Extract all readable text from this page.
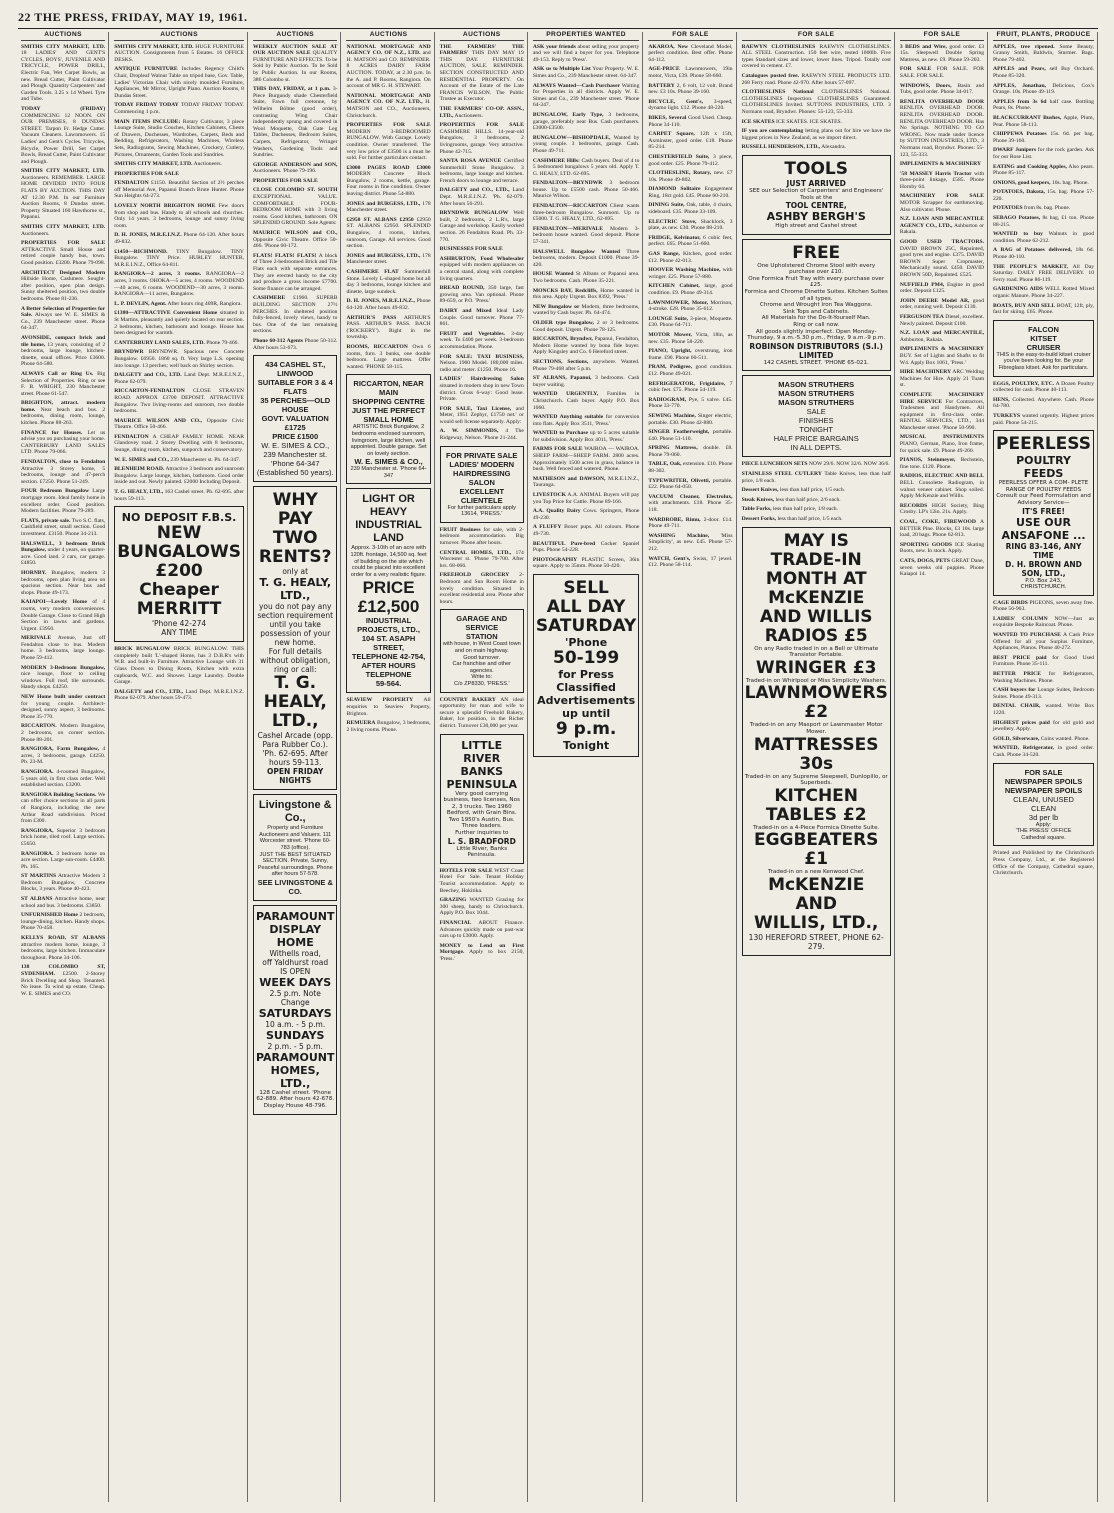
22 THE PRESS, FRIDAY, MAY 19, 1961.
AUCTIONS
SMITHS CITY MARKET, LTD. 18 LADIES' AND GENT'S CYCLES, BOYS', JUVENILE AND TRICYCLE, POWER DRILL, Electric Fan, Wet Carpet Bowls, as new. Bread Cutter, Paint Cultivator and Plough. Quantity Carpenters' and Garden Tools. 3.25 x 14 Wheel. Tyre and Tube.
TODAY (FRIDAY) COMMENCING 12 NOON. ON OUR PREMISES, 8 DUNDAS STREET. Tarpon Fr. Hedge Cutter. Vacuum Cleaners. Lawnmowers. 15 Ladies' and Gent's Cycles. Tricycles, Bicycle, Power Drill, Set Carpet Bowls, Bread Cutter, Paint Cultivator and Plough.
SMITHS CITY MARKET, LTD. Auctioneers. REMEMBER. LARGE HOME DIVIDED INTO FOUR FLATS BY AUCTION. THIS DAY AT 12.30 P.M. In our Furniture Auction Rooms, 8 Dundas street. Property Situated 160 Hawthorne st., Papanui.
SMITHS CITY MARKET, LTD. Auctioneers.
PROPERTIES FOR SALE ATTRACTIVE Small House and retired couple handy bus, town. Good position. £3200. Phone 79-098.
ARCHITECT Designed Modern Hillside Home, Cashmere. Sought-after position, open plan design. Sunny sheltered position, two double bedrooms. Phone 81-236.
A Better Selection of Properties for Sale. Always see W. E. SIMES & Co., 239 Manchester street. Phone 64-347.
AVONSIDE, compact brick and tile home, 13 years, consisting of 2 bedrooms, large lounge, kitchen-dinette, usual offices. Price £3600. Phone 64-580.
ALWAYS Call or Ring Us. Big Selection of Properties. Ring or see F. B. WRIGHT, 230 Manchester street. Phone 61-547.
BRIGHTON, attract. modern home. Near beach and bus. 2 bedrooms, dining room, lounge, kitchen. Phone 88-263.
FINANCE for Houses. Let us advise you on purchasing your home. CANTERBURY LAND SALES LTD. Phone 79-066.
FENDALTON, close to Fendalton Attractive 3 Storey home, 5 bedrooms, lounge and 47-perch section. £7250. Phone 51-249.
FOUR Bedroom Bungalow Large mortgage room. Ideal family home in excellent order. Good position. Modern facilities. Phone 79-289.
FLATS, private sale. Two S.C. flats, Cashfield street, small section. Good investment. £3150. Phone 34-213.
HALSWELL, 3 bedroom Brick Bungalow, under 4 years, on quarter-acre. Good land. 2 cars, car garage. £4850.
HORNBY. Bungalow, modern 3 bedrooms, open plan living area on spacious section. Near bus and shops. Phone 49-173.
KAIAPOI—Lovely Home of 4 rooms, very modern conveniences. Double Garage. Close to Grand High Section in lawns and gardens. Urgent. £3950.
MERIVALE Avenue, Just off Fendalton close to bus. Modern home. 3 bedrooms, large lounge. Phone 59-412.
MODERN 3-Bedroom Bungalow, nice lounge, floor to ceiling windows. Full roof, tile surrounds. Handy shops. £4250.
NEW Home built under contract for young couple. Architect-designed, sunny aspect, 3 bedrooms. Phone 35-770.
RICCARTON. Modern Bungalow, 2 bedrooms, on corner section. Phone 88-201.
RANGIORA, Farm Bungalow, 4 acres, 3 bedrooms, garage. £4250. Ph. 23-M.
RANGIORA. 4-roomed Bungalow, 5 years old, in first class order. Well established section. £3200.
RANGIORA Building Sections. We can offer choice sections in all parts of Rangiora, including the new Arthur Road subdivision. Priced from £300.
RANGIORA, Superior 3 bedroom brick home, tiled roof. Large section. £5650.
RANGIORA. 3 bedroom home on acre section. Large sun-room. £4400. Ph. 165.
ST MARTINS Attractive Modern 3 Bedroom Bungalow, Concrete Blocks, 3 years. Phone 40-423.
ST ALBANS Attractive home, near school and bus. 3 bedrooms. £3850.
UNFURNISHED Home 2 bedroom, lounge-dining, kitchen. Handy shops. Phone 70-458.
KELLYS ROAD, ST ALBANS attractive modern home, lounge, 3 bedrooms, large kitchen. Immaculate throughout. Phone 34-106.
138 COLOMBO ST, SYDENHAM. £2500. 2-Storey Brick Dwelling and Shop. Tenanted. No lease. To wind up estate. Cheap. W. E. SIMES and CO.
AUCTIONS
SMITHS CITY MARKET, LTD. HUGE FURNITURE AUCTION. Consignments from 5 Estates. 16 OFFICE DESKS.
ANTIQUE FURNITURE Includes Regency Child's Chair, Dropleaf Walnut Table on tripod base, Gov. Table, Ladies' Victorian Chair with nicely moulded Furniture, Appliances, Mr Mirror, Upright Piano. Auction Rooms, 8 Dundas Street.
TODAY FRIDAY TODAY TODAY FRIDAY TODAY. Commencing 1 p.m.
MAIN ITEMS INCLUDE: Rotary Cultivator, 3 piece Lounge Suite, Studio Couches, Kitchen Cabinets, Chests of Drawers, Duchesses, Wardrobes, Carpets, Beds and Bedding, Refrigerators, Washing Machines, Wireless Sets, Radiograms, Sewing Machines, Crockery, Cutlery, Pictures, Ornaments, Garden Tools and Sundries.
SMITHS CITY MARKET, LTD. Auctioneers.
PROPERTIES FOR SALE
FENDALTON £1150. Beautiful Section of 2½ perches off Memorial Ave, Papanui Branch Brute Hunter. Phone Sun Heights 64-273.
LOVELY NORTH BRIGHTON HOME Few doors from shop and bus. Handy to all schools and churches. Only 14 years. 3 bedrooms, lounge and sunny living room.
D. H. JONES, M.R.E.I.N.Z. Phone 64-120. After hours 49-832.
£1450—RICHMOND. TINY Bungalow. TINY Bungalow. TINY Price. HURLEY HUNTER, M.R.E.I.N.Z., Office 64-811.
RANGIORA—2 acres, 3 rooms. RANGIORA—2 acres, 3 rooms. OHOKA—5 acres, 4 rooms. WOODEND—40 acres, 6 rooms. WOODEND—30 acres, 3 rooms. RANGIORA—11 acres, Bungalow.
L. P. DEVLIN, Agent. After hours ring 409R, Rangiora.
£1380—ATTRACTIVE Convenient Home situated in St Martins, pleasantly and quietly located on rear section. 2 bedrooms, kitchen, bathroom and lounge. House has been designed for warmth.
CANTERBURY LAND SALES, LTD. Phone 79-466.
BRYNDWR BRYNDWR. Spacious new Concrete Bungalow. £6950. 1860 sq. ft. Very large L.S. opening into lounge. 13 perches; well back on Shirley section.
DALGETY and CO., LTD. Land Dept. M.R.E.I.N.Z., Phone 62-079.
RICCARTON-FENDALTON CLOSE STRAVEN ROAD. APPROX £3700 DEPOSIT. ATTRACTIVE Bungalow. Two living-rooms and sunroom, two double bedrooms.
MAURICE WILSON AND CO., Opposite Civic Theatre. Office 50-466.
FENDALTON A CHEAP FAMILY HOME. NEAR Glandovey road. 2 Storey Dwelling with 8 bedrooms, lounge, dining room, kitchen, sunporch and conservatory.
W. E. SIMES and CO., 239 Manchester st. Ph. 64-347.
BLENHEIM ROAD. Attractive 3 bedroom and sunroom Bungalow. Large lounge, kitchen, bathroom. Good order inside and out. Newly painted. £2000 Including Deposit.
T. G. HEALY, LTD., 163 Cashel street. Ph. 62-695. after hours 59-113.
NO DEPOSIT F.B.S.
NEW
BUNGALOWS
£200 Cheaper
MERRITT
'Phone 42-274
ANY TIME
BRICK BUNGALOW BRICK BUNGALOW. THIS completely built 'L'-shaped Home, has 3 D.B.R's with W.B. and built-in Furniture. Attractive Lounge with 31 Glass Doors to Dining Room, Kitchen with extra cupboards, W.C. and Shower. Large Laundry. Double Garage.
DALGETY and CO., LTD., Land Dept. M.R.E.I.N.Z. Phone 62-079. After hours 59-473.
AUCTIONS
WEEKLY AUCTION SALE AT OUR AUCTION SALE QUALITY FURNITURE AND EFFECTS. To be Sold by Public Auction. To be Sold by Public Auction. In our Rooms, 386 Colombo st.
THIS DAY, FRIDAY, at 1 p.m. 3-Piece Burgundy shade Chesterfield Suite, Fawn full cretonne, by Wilhelm Bölme (good order), contrasting Wing Chair independently sprung and covered in Wool Moquette, Oak Gate Leg Tables, Duchesses, Bedroom Suites, Carpets, Refrigerator, Wringer Washers, Gardening Tools and Sundries.
GEORGE ANDERSON and SON, Auctioneers. 'Phone 79-196.
PROPERTIES FOR SALE
CLOSE COLOMBO ST. SOUTH EXCEPTIONAL VALUE. COMFORTABLE FOUR-BEDROOM HOME with 3 living rooms. Good kitchen, bathroom. ON SPLENDID GROUND. Sole Agents:
MAURICE WILSON and CO., Opposite Civic Theatre. Office 50-466. 'Phone 60-172.
FLATS! FLATS! FLATS! A block of Three 2-bedroomed Brick and Tile Flats each with separate entrances. They are erected handy to the city and produce a gross income £7700. Some finance can be arranged.
CASHMERE £1960. SUPERB BUILDING SECTION 27½ PERCHES. In sheltered position fully-fenced, lovely views, handy to bus. One of the last remaining sections.
Phone 60-312 Agents Phone 50-312. After hours 53-673.
434 CASHEL ST., LINWOOD
SUITABLE FOR 3 & 4 FLATS
35 PERCHES—OLD HOUSE
GOVT. VALUATION £1725
PRICE £1500
W. E. SIMES & CO.,
239 Manchester st. 'Phone 64-347
(Established 50 years).
WHY PAY
TWO RENTS?
only at
T. G. HEALY, LTD.,
you do not pay any section requirement until you take possession of your new home.
For full details without obligation, ring or call:
T. G. HEALY,
LTD.,
Cashel Arcade (opp. Para Rubber Co.). 'Ph. 62-695. After hours 59-113.
OPEN FRIDAY NIGHTS
Livingstone & Co.,
Property and Furniture Auctioneers and Valuers. 111 Worcester street. 'Phone 60-783 (office).
JUST THE BEST SITUATED SECTION. Private, Sunny, Peaceful surroundings. Phone after hours 57-578.
SEE LIVINGSTONE & CO.
PARAMOUNT
DISPLAY HOME
Withells road,
off Yaldhurst road
IS OPEN
WEEK DAYS
2.5 p.m. Note Change
SATURDAYS
10 a.m. - 5 p.m.
SUNDAYS
2 p.m. - 5 p.m.
PARAMOUNT
HOMES, LTD.,
128 Cashel street. 'Phone 62-889. After hours 42-678. Display House 48-796.
AUCTIONS
NATIONAL MORTGAGE AND AGENCY CO. OF N.Z., LTD. and H. MATSON and CO. REMINDER. 8 ACRES DAIRY FARM AUCTION. TODAY, at 2.30 p.m. In the A. and P. Rooms, Rangiora. On account of MR G. H. STEWART.
NATIONAL MORTGAGE AND AGENCY CO. OF N.Z. LTD., H. MATSON and CO., Auctioneers, Christchurch.
PROPERTIES FOR SALE MODERN 3-BEDROOMED BUNGALOW. With Garage. Lovely condition. Owner transferred. The very low price of £3500 is a must be sold. For further particulars contact.
£3000 PAGES ROAD £3000 MODERN Concrete Block Bungalow, 2 rooms, kettle, garage. Four rooms in fine condition. Owner leaving district. Phone 54-880.
JONES and BURGESS, LTD., 178 Manchester street.
£2950 ST. ALBANS £2950 £2950 ST. ALBANS £2950. SPLENDID Bungalow, 4 rooms, kitchen, sunroom, Garage. All services. Good section.
JONES and BURGESS, LTD., 178 Manchester street.
CASHMERE FLAT Summerhill Stone. Lovely L-shaped home but all day 3 bedrooms, lounge kitchen and dinette, large sundeck.
D. H. JONES, M.R.E.I.N.Z., Phone 64-120. After hours 49-832.
ARTHUR'S PASS ARTHUR'S PASS. ARTHUR'S PASS. BACH ('ROCKERY'). Right in the township.
ROOMS, RICCARTON Own 6 rooms, furn. 3 bunks, one double bedroom. Large mattress. Offer wanted. 'PHONE 58-115.
RICCARTON, NEAR MAIN
SHOPPING CENTRE
JUST THE PERFECT SMALL HOME
ARTISTIC Brick Bungalow, 2 bedrooms enclosed sunroom, livingroom, large kitchen, well appointed. Double garage. Set on lovely section.
W. E. SIMES & CO.,
239 Manchester st. 'Phone 64-347
LIGHT OR HEAVY
INDUSTRIAL LAND
Approx. 3-10th of an acre with 120ft. frontage, 14,500 sq. feet of building on the site which could be placed into excellent order for a very realistic figure.
PRICE £12,500
INDUSTRIAL PROJECTS, LTD.,
104 ST. ASAPH STREET,
TELEPHONE 42-754,
AFTER HOURS TELEPHONE
59-564.
SEAVIEW PROPERTY All enquiries to Seaview Property, Brighton.
REMUERA Bungalow, 3 bedrooms, 2 living rooms. Phone.
AUCTIONS
THE FARMERS' THE FARMERS' THIS DAY MAY 19 THIS DAY. FURNITURE AUCTION, SALE. REMINDER. SECTION CONSTRUCTED AND RESIDENTIAL PROPERTY. On Account of the Estate of the Late FRANCIS WILSON. The Public Trustee as Executor.
THE FARMERS' CO-OP. ASSN., LTD., Auctioneers.
PROPERTIES FOR SALE CASHMERE HILLS. 14-year-old Bungalow, 3 bedrooms, 2 livingrooms, garage. Very attractive. Phone 42-715.
SANTA ROSA AVENUE Certified Summerhill Stone Bungalow. 3 bedrooms, large lounge and kitchen. French doors to lounge and terrace.
DALGETY and CO., LTD., Land Dept. M.R.E.I.N.Z. 'Ph. 62-079. After hours 56-291.
BRYNDWR BUNGALOW Well built, 2 bedrooms, 2 L.R's, large Garage and workshop. Easily worked section. 26 Fendalton Road. Ph. 33-770.
BUSINESSES FOR SALE
ASHBURTON, Food Wholesaler equipped with modern appliances on a central stand, along with complete living quarters.
BREAD ROUND, 350 large, fast growing area. Van optional. Phone 89-659, or P.O. 'Press.'
DAIRY and Mixed Ideal Lady Couple. Good turnover. Phone 77-861.
FRUIT and Vegetables. 3-day week. To £400 per week. 3-bedroom accommodation. Phone.
FOR SALE: TAXI BUSINESS, Nelson. 1960 Model. 180,000 miles. radio and meter. £1250. Phone 16.
LADIES' Hairdressing Salon situated in modern shop in new Town district. Gross 6-way: Good lease. Private.
FOR SALE, Taxi License, and Meter, 1951 Zephyr, £1750 net.' or would sell license separately. Apply:
A. W. SIMMONDS, 4 The Ridgeway, Nelson. 'Phone 21-244.
FOR PRIVATE SALE
LADIES' MODERN HAIRDRESSING SALON
EXCELLENT CLIENTELE
For further particulars apply 13614, 'PRESS.'
FRUIT Business for sale, with 2-bedroom accommodation. Big turnover. Phone after hours.
CENTRAL HOMES, LTD., 174 Worcester st. 'Phone 79-700. After hrs. 68-066.
FREEHOLD GROCERY 2-Bedroom and Sun Room Home in lovely condition. Situated in excellent residential area. Phone after hours.
GARAGE AND SERVICE
STATION
with house, in West Coast town and on main highway.
Good turnover.
Car franchise and other agencies.
Write to:
C/o ZP8330, 'PRESS.'
COUNTRY BAKERY AN ideal opportunity for man and wife to secure a splendid Freehold Bakery, Baker, Ice position, in the Richer district. Turnover £30,000 per year.
LITTLE RIVER
BANKS PENINSULA
Very good carrying business, two licenses, Nos 2, 3 trucks. Two 1960 Bedford, with Grain Bins. Two 1950's Austin, Bus. Three loaders.
Further inquiries to
L. S. BRADFORD
Little River, Banks Peninsula.
HOTELS FOR SALE WEST Coast Hotel For Sale. Tenant Holiday Tourist accommodation. Apply to Beechey, Hokitika.
GRAZING WANTED Grazing for 300 sheep, handy to Christchurch. Apply P.O. Box 1044.
FINANCIAL ABOUT Finance. Advances quickly made on past-war cars up to £3000. Apply.
MONEY to Lend on First Mortgage. Apply to box 2150, 'Press.'
PROPERTIES WANTED
ASK your friends about selling your property and we will find a buyer for you. Telephone 49-153. Reply to 'Press'.
ASK us to Multiple List Your Property. W. E. Simes and Co., 239 Manchester street. 64-347.
ALWAYS Wanted—Cash Purchaser Waiting for Properties in all districts. Apply W. E. Simes and Co., 239 Manchester street. 'Phone 64-347.
BUNGALOW, Early Type, 3 bedrooms, garage, preferably near Bus. Cash purchasers. £3000-£3500.
BUNGALOW—BISHOPDALE, Wanted by young couple. 3 bedrooms, garage. Cash. Phone 49-711.
CASHMERE Hills: Cash buyers. Deal of 4 to 5 bedroomed bungalows 5 years old. Apply T. G. HEALY, LTD. 62-695.
FENDALTON—BRYNDWR 3 bedroom house. Up to £5500 cash. Phone 50-466. Maurice Wilson.
FENDALTON—RICCARTON Client wants three-bedroom Bungalow. Sunroom. Up to £5000. T. G. HEALY, LTD., 62-695.
FENDALTON—MERIVALE Modern 3-bedroom house wanted. Good deposit. Phone 57-341.
HALSWELL Bungalow Wanted Three bedrooms, modern. Deposit £1000. Phone 39-420.
HOUSE Wanted St Albans or Papanui area. Two bedrooms. Cash. Phone 35-221.
MONCKS BAY, Redcliffs, Home wanted in this area. Apply Urgent. Box 8392, 'Press.'
NEW Bungalow or Modern, three bedrooms, wanted by Cash buyer. Ph. 64-474.
OLDER type Bungalow, 2 or 3 bedrooms. Good deposit. Urgent. Phone 78-125.
RICCARTON, Bryndwr, Papanui, Fendalton, Modern Home wanted by bona fide buyer. Apply Kingsley and Co. 6 Hereford street.
SECTIONS, Sections, anywhere. Wanted. Phone 79-468 after 5 p.m.
ST ALBANS, Papanui, 3 bedrooms. Cash buyer waiting.
WANTED URGENTLY, Families in Christchurch. Cash buyer. Apply P.O. Box 1060.
WANTED Anything suitable for conversion into flats. Apply Box 3511, 'Press.'
WANTED to Purchase up to 5 acres suitable for subdivision. Apply Box 4011, 'Press.'
FARMS FOR SALE WAIROA — WAIROA. SHEEP FARM—SHEEP FARM. 2800 acres. Approximately 1500 acres in grass, balance in bush. Well fenced and watered. Phone.
MATHESON and DAWSON, M.R.E.I.N.Z., Tauranga.
LIVESTOCK A.A. ANIMAL Buyers will pay you Top Price for Cattle. Phone 89-166.
A.A. Quality Dairy Cows. Springers, Phone 49-230.
A FLUFFY Boxer pups. All colours. Phone 49-730.
BEAUTIFUL Pure-bred Cocker Spaniel Pups. Phone 54-228.
PHOTOGRAPHY PLASTIC Screen, 36in square. Apply to 35mm. Phone 50-420.
SELL
ALL DAY
SATURDAY
'Phone
50-199
for Press
Classified
Advertisements
up until
9 p.m.
Tonight
FOR SALE
AKAROA, New Cleveland Model, perfect condition. Best offer. Phone 64-112.
AGE-PRICE Lawnmowers, 19in motor, Victa, £39. Phone 58-660.
BATTERY 2, 6 volt, 12 volt. Brand new. £3 10s. Phone 39-160.
BICYCLE, Gent's, 3-speed, dynamo light. £12. Phone 48-220.
BIKES, Several Good Used. Cheap. Phone 34-110.
CARPET Square, 12ft x 15ft, Axminster, good order. £18. Phone 85-214.
CHESTERFIELD Suite, 3 piece, good order. £25. Phone 79-412.
CLOTHESLINE, Rotary, new. £7 10s. Phone 49-802.
DIAMOND Solitaire Engagement Ring, 18ct gold. £45. Phone 60-210.
DINING Suite, Oak, table, 4 chairs, sideboard. £35. Phone 33-109.
ELECTRIC Stove, Shacklock, 3 plate, as new. £30. Phone 88-210.
FRIDGE, Kelvinator, 6 cubic feet, perfect. £65. Phone 51-660.
GAS Range, Kitchen, good order. £12. Phone 42-013.
HOOVER Washing Machine, with wringer. £25. Phone 57-880.
KITCHEN Cabinet, large, good condition. £9. Phone 49-314.
LAWNMOWER, Motor, Morrison, 4-stroke. £28. Phone 35-612.
LOUNGE Suite, 3-piece, Moquette. £30. Phone 64-711.
MOTOR Mower, Victa, 18in, as new. £35. Phone 58-220.
PIANO, Upright, overstrung, iron frame. £90. Phone 60-511.
PRAM, Pedigree, good condition. £12. Phone 49-021.
REFRIGERATOR, Frigidaire, 7 cubic feet. £75. Phone 54-119.
RADIOGRAM, Pye, 5 valve. £45. Phone 33-770.
SEWING Machine, Singer electric, portable. £30. Phone 42-880.
SINGER Featherweight, portable. £40. Phone 51-110.
SPRING Mattress, double. £8. Phone 79-060.
TABLE, Oak, extension. £10. Phone 88-302.
TYPEWRITER, Olivetti, portable. £22. Phone 64-050.
VACUUM Cleaner, Electrolux, with attachments. £18. Phone 35-118.
WARDROBE, Rimu, 2-door. £14. Phone 49-711.
WASHING Machine, 'Miss Simplicity', as new. £45. Phone 57-212.
WATCH, Gent's, Swiss, 17 jewel. £12. Phone 58-114.
FOR SALE
RAEWYN CLOTHESLINES RAEWYN CLOTHESLINES. ALL STEEL Construction. 150 feet wire, tested 1000lb. Five types Standard sizes and lower, lower lines. Tripod. Totally cost covered in cement. £7.
Catalogues posted free. RAEWYN STEEL PRODUCTS LTD. 268 Ferry road. Phone 42-970. After hours 57-097.
CLOTHESLINES National CLOTHESLINES National. CLOTHESLINES Inspection. CLOTHESLINES Guaranteed. CLOTHESLINES Invited. SUTTONS INDUSTRIES, LTD. 3 Normans road, Bryndwr. Phones: 55-123, 55-333.
ICE SKATES ICE SKATES. ICE SKATES.
IF you are contemplating letting plans out for hire we have the biggest prices in New Zealand, as we import direct.
RUSSELL HENDERSON, LTD., Alexandra.
TOOLS
JUST ARRIVED
SEE our Selection of Carpenters' and Engineers' Tools at the
TOOL CENTRE,
ASHBY BERGH'S
High street and Cashel street
FREE
One Upholstered Chrome Stool with every purchase over £10.
One Formica Fruit Tray with every purchase over £25.
Formica and Chrome Dinette Suites. Kitchen Suites of all types.
Chrome and Wrought Iron Tea Waggons.
Sink Tops and Cabinets.
All Materials for the Do-It-Yourself Man.
Ring or call now.
All goods slightly imperfect. Open Monday-Thursday, 9 a.m.-5.30 p.m., Friday, 9 a.m.-9 p.m.
ROBINSON DISTRIBUTORS (S.I.) LIMITED
142 CASHEL STREET. 'PHONE 65-021.
MASON STRUTHERS
MASON STRUTHERS
MASON STRUTHERS
SALE
FINISHES
TONIGHT
HALF PRICE BARGAINS
IN ALL DEPTS.
PIECE LUNCHEON SETS NOW 29/6. NOW 32/6. NOW 36/6.
STAINLESS STEEL CUTLERY Table Knives, less than half price, 1/8 each.
Dessert Knives, less than half price, 1/5 each.
Steak Knives, less than half price, 2/6 each.
Table Forks, less than half price, 1/8 each.
Dessert Forks, less than half price, 1/5 each.
MAY IS
TRADE-IN
MONTH AT
McKENZIE
AND WILLIS
RADIOS £5
On any Radio traded in on a Bell or Ultimate Transistor Portable.
WRINGER £3
Traded-in on Whirlpool or Miss Simplicity Washers.
LAWNMOWERS
£2
Traded-in on any Masport or Lawnmaster Motor Mower.
MATTRESSES
30s
Traded-in on any Supreme Sleepwell, Dunlopillo, or Superbeds.
KITCHEN
TABLES £2
Traded-in on a 4-Piece Formica Dinette Suite.
EGGBEATERS £1
Traded-in on a new Kenwood Chef.
McKENZIE AND
WILLIS, LTD.,
130 HEREFORD STREET, PHONE 62-279.
FOR SALE
3 BEDS and Wire, good order. £3 15s. Sleepwell Double Spring Mattress, as new. £9. Phone 59-203.
FOR SALE FOR SALE. FOR SALE. FOR SALE.
WINDOWS, Doors, Basin and Tubs, good order. Phone 34-017.
RENLITA OVERHEAD DOOR RENLITA OVERHEAD DOOR. RENLITA OVERHEAD DOOR. RENLITA OVERHEAD DOOR. Has No Springs. NOTHING TO GO WRONG. Now made under licence by SUTTON INDUSTRIES, LTD., 3 Normans road, Bryndwr. Phones: 55-123, 55-333.
IMPLEMENTS & MACHINERY
'58 MASSEY Harris Tractor with three-point linkage, £585. Phone Hornby 64.
MACHINERY FOR SALE MOTOR Scrapper for earthmoving. Also cultivator. Phone.
N.Z. LOAN AND MERCANTILE AGENCY CO., LTD., Ashburton or Rakaia.
GOOD USED TRACTORS. DAVID BROWN 25C, Repainted, good tyres and engine. £375. DAVID BROWN Super Cropmaster, Mechanically sound. £450. DAVID BROWN 50D, Repainted. £525.
NUFFIELD PM4, Engine in good order. Deposit £125.
JOHN DEERE Model AR, good order, running well. Deposit £130.
FERGUSON TEA Diesel, excellent. Newly painted. Deposit £100.
N.Z. LOAN and MERCANTILE, Ashburton, Rakaia.
IMPLEMENTS & MACHINERY BUY. Set of Lights and Shafts to fit W4. Apply Box 1061, 'Press.'
HIRE MACHINERY ARC Welding Machines for Hire. Apply 21 Tuam st.
COMPLETE MACHINERY HIRE SERVICE For Contractors, Tradesmen and Handymen. All equipment in first-class order. RENTAL SERVICES, LTD., 344 Manchester street. 'Phone 50-990.
MUSICAL INSTRUMENTS PIANO, German, Piano, Iron frame, for quick sale. £9. Phone 49-260.
PIANOS, Steinmeyer, Bechstein, fine tone. £120. Phone.
RADIOS, ELECTRIC AND BELL BELL Consolette Radiogram, in walnut veneer cabinet. Shop soiled. Apply McKenzie and Willis.
RECORDS HIGH Society, Bing Crosby. LP's 12in. 21s. Apply.
COAL, COKE, FIREWOOD A BETTER Pine. Blocks, £3 10s. large load, 20 bags. Phone 62-813.
SPORTING GOODS ICE Skating Boots, new. In stock. Apply.
CATS, DOGS, PETS GREAT Dane, seven weeks old puppies. Phone Kaiapoi 14.
FRUIT, PLANTS, PRODUCE
APPLES, tree ripened. Some Beauty, Granny Smith, Baldwin, Sturmer. Bags. Phone 79-402.
APPLES and Pears, sell Buy Orchard. Phone 85-320.
APPLES, Jonathan, Delicious, Cox's Orange. 10s. Phone 49-119.
APPLES from 3s 6d half case. Bottling Pears, 8s. Phone.
BLACKCURRANT Bushes, Apple, Plum, Pear. Phone 58-113.
CHIPPEWA Potatoes 15s. 6d. per bag. Phone 39-160.
DWARF Junipers for the rock garden. Ask for our Rose List.
EATING and Cooking Apples, Also pears. Phone 85-117.
ONIONS, good keepers, 10s. bag. Phone.
POTATOES, Dakota, 15s. bag. Phone 57-220.
POTATOES from 8s. bag. Phone.
SEBAGO Potatoes, 8s bag, £1 ton. Phone 88-215.
WANTED to buy Walnuts in good condition. Phone 62-212.
A BAG of Potatoes delivered, 18s 6d. Phone 40-110.
THE PEOPLE'S MARKET, All Day Saturday. DAILY FREE DELIVERY. 10 Ferry road. Phone 86-119.
GARDENING AIDS WELL Rotted Mixed organic Manure. Phone 34-227.
BOATS, BUY AND SELL BOAT, 12ft, ply, fast for skiing. £65. Phone.
FALCON
KITSET
CRUISER
THIS is the easy-to-build kitset cruiser you've been looking for. Be your Fibreglass kitset. Ask for particulars.
EGGS, POULTRY, ETC. A Dozen Poultry collected for cash. Phone 40-113.
HENS, Collected. Anywhere. Cash. Phone 64-780.
TURKEYS wanted urgently. Highest prices paid. Phone 54-215.
PEERLESS
POULTRY FEEDS
PEERLESS OFFER A COM- PLETE RANGE OF POULTRY FEEDS
Consult our Feed Formulation and Advisory Service—
IT'S FREE!
USE OUR ANSAFONE ...
RING 83-146, ANY TIME
D. H. BROWN AND SON, LTD.,
P.O. Box 243,
CHRISTCHURCH.
CAGE BIRDS PIGEONS, seven away free. Phone 56-963.
LADIES' COLUMN NOW—Just an exquisite Bespoke Raincoat. Phone.
WANTED TO PURCHASE A Cash Price Offered for all your Surplus Furniture, Appliances, Pianos. Phone 40-272.
BEST PRICE paid for Good Used Furniture. Phone 35-111.
BETTER PRICE for Refrigerators, Washing Machines. Phone.
CASH buyers for Lounge Suites, Bedroom Suites. Phone 49-313.
DENTAL CHAIR, wanted. Write Box 1220.
HIGHEST prices paid for old gold and jewellery. Apply.
GOLD, Silverware, Coins wanted. Phone.
WANTED, Refrigerator, in good order. Cash. Phone 34-520.
FOR SALE
NEWSPAPER SPOILS
NEWSPAPER SPOILS
CLEAN, UNUSED
CLEAN
3d per lb
Apply:
'THE PRESS' OFFICE
Cathedral square.
Printed and Published by the Christchurch Press Company, Ltd., at the Registered Office of the Company, Cathedral square, Christchurch.
